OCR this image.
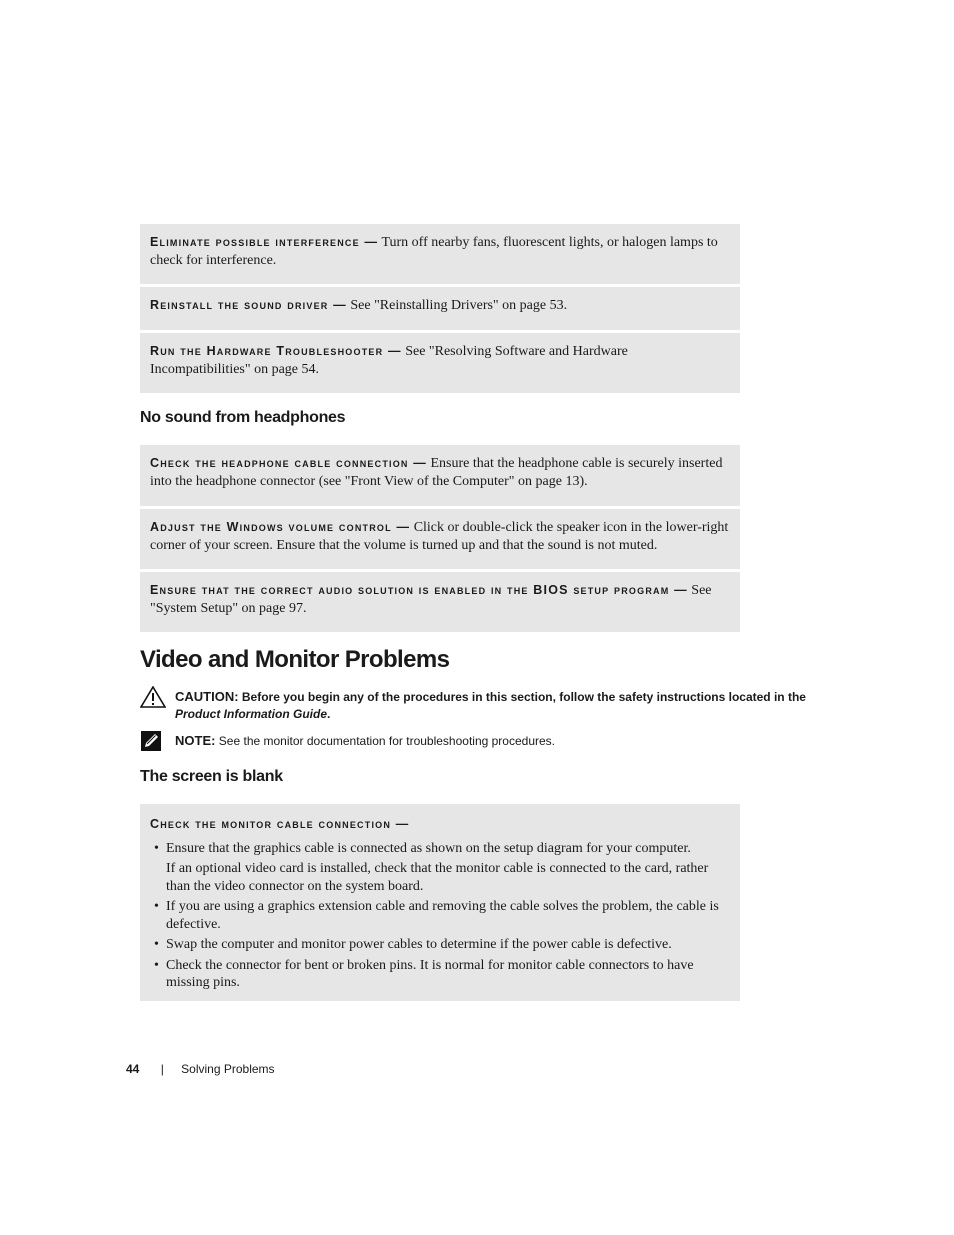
Eliminate possible interference — Turn off nearby fans, fluorescent lights, or halogen lamps to check for interference.
Reinstall the sound driver — See "Reinstalling Drivers" on page 53.
Run the Hardware Troubleshooter — See "Resolving Software and Hardware Incompatibilities" on page 54.
No sound from headphones
Check the headphone cable connection — Ensure that the headphone cable is securely inserted into the headphone connector (see "Front View of the Computer" on page 13).
Adjust the Windows volume control — Click or double-click the speaker icon in the lower-right corner of your screen. Ensure that the volume is turned up and that the sound is not muted.
Ensure that the correct audio solution is enabled in the BIOS setup program — See "System Setup" on page 97.
Video and Monitor Problems
CAUTION: Before you begin any of the procedures in this section, follow the safety instructions located in the Product Information Guide.
NOTE: See the monitor documentation for troubleshooting procedures.
The screen is blank
Check the monitor cable connection —
• Ensure that the graphics cable is connected as shown on the setup diagram for your computer.
If an optional video card is installed, check that the monitor cable is connected to the card, rather than the video connector on the system board.
• If you are using a graphics extension cable and removing the cable solves the problem, the cable is defective.
• Swap the computer and monitor power cables to determine if the power cable is defective.
• Check the connector for bent or broken pins. It is normal for monitor cable connectors to have missing pins.
44 | Solving Problems
